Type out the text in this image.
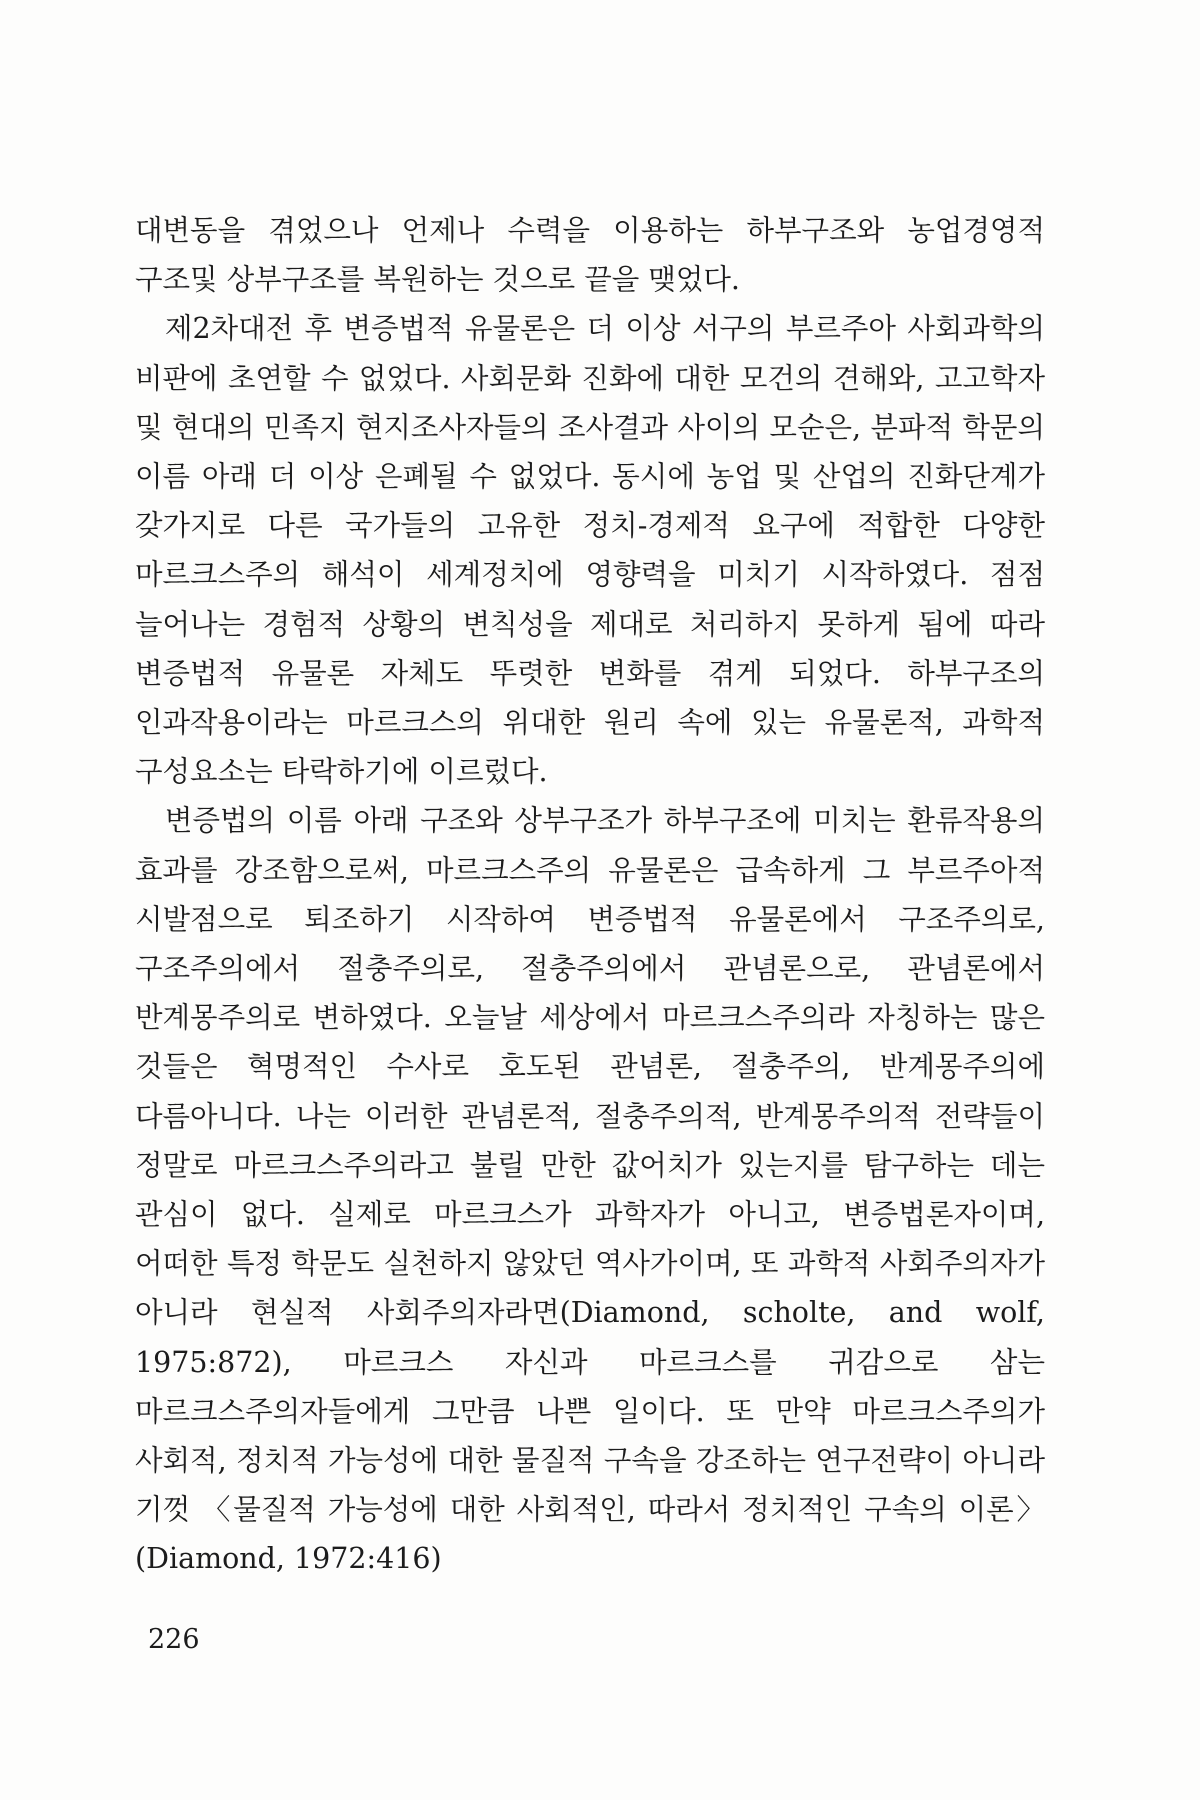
대변동을 겪었으나 언제나 수력을 이용하는 하부구조와 농업경영적 구조및 상부구조를 복원하는 것으로 끝을 맺었다.

제2차대전 후 변증법적 유물론은 더 이상 서구의 부르주아 사회과학의 비판에 초연할 수 없었다. 사회문화 진화에 대한 모건의 견해와, 고고학자 및 현대의 민족지 현지조사자들의 조사결과 사이의 모순은, 분파적 학문의 이름 아래 더 이상 은폐될 수 없었다. 동시에 농업 및 산업의 진화단계가 갖가지로 다른 국가들의 고유한 정치-경제적 요구에 적합한 다양한 마르크스주의 해석이 세계정치에 영향력을 미치기 시작하였다. 점점 늘어나는 경험적 상황의 변칙성을 제대로 처리하지 못하게 됨에 따라 변증법적 유물론 자체도 뚜렷한 변화를 겪게 되었다. 하부구조의 인과작용이라는 마르크스의 위대한 원리 속에 있는 유물론적, 과학적 구성요소는 타락하기에 이르렀다.

변증법의 이름 아래 구조와 상부구조가 하부구조에 미치는 환류작용의 효과를 강조함으로써, 마르크스주의 유물론은 급속하게 그 부르주아적 시발점으로 퇴조하기 시작하여 변증법적 유물론에서 구조주의로, 구조주의에서 절충주의로, 절충주의에서 관념론으로, 관념론에서 반계몽주의로 변하였다. 오늘날 세상에서 마르크스주의라 자칭하는 많은 것들은 혁명적인 수사로 호도된 관념론, 절충주의, 반계몽주의에 다름아니다. 나는 이러한 관념론적, 절충주의적, 반계몽주의적 전략들이 정말로 마르크스주의라고 불릴 만한 값어치가 있는지를 탐구하는 데는 관심이 없다. 실제로 마르크스가 과학자가 아니고, 변증법론자이며, 어떠한 특정 학문도 실천하지 않았던 역사가이며, 또 과학적 사회주의자가 아니라 현실적 사회주의자라면(Diamond, scholte, and wolf, 1975:872), 마르크스 자신과 마르크스를 귀감으로 삼는 마르크스주의자들에게 그만큼 나쁜 일이다. 또 만약 마르크스주의가 사회적, 정치적 가능성에 대한 물질적 구속을 강조하는 연구전략이 아니라 기껏 〈물질적 가능성에 대한 사회적인, 따라서 정치적인 구속의 이론〉(Diamond, 1972:416)

226
